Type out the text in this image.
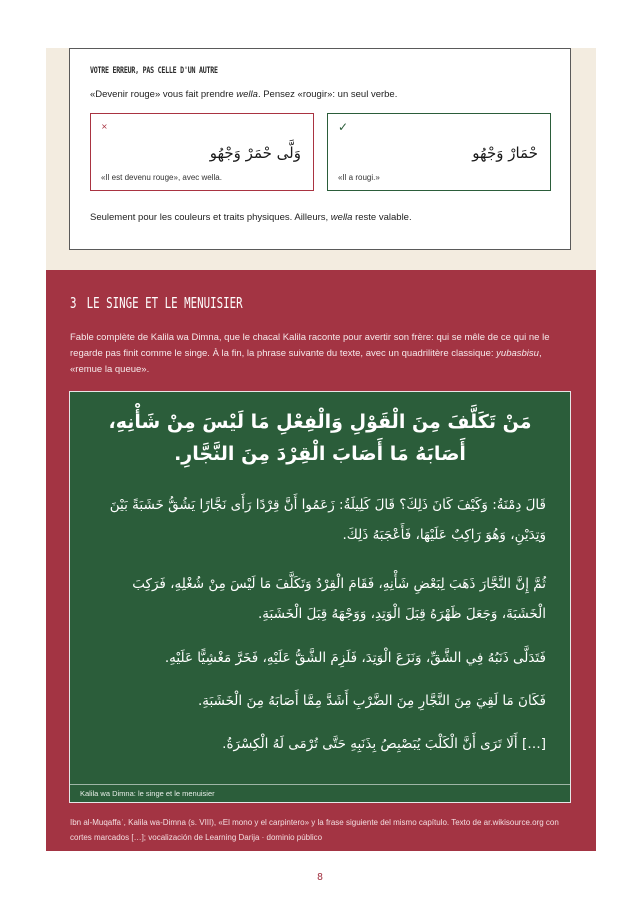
VOTRE ERREUR, PAS CELLE D'UN AUTRE
«Devenir rouge» vous fait prendre wella. Pensez «rougir»: un seul verbe.
×
وَلَّى حْمَرْ وَجْهُو
«Il est devenu rouge», avec wella.
✓
حْمَارْ وَجْهُو
«Il a rougi.»
Seulement pour les couleurs et traits physiques. Ailleurs, wella reste valable.
3 LE SINGE ET LE MENUISIER
Fable complète de Kalila wa Dimna, que le chacal Kalila raconte pour avertir son frère: qui se mêle de ce qui ne le regarde pas finit comme le singe. À la fin, la phrase suivante du texte, avec un quadrilitère classique: yubasbisu, «remue la queue».
مَنْ تَكَلَّفَ مِنَ الْقَوْلِ وَالْفِعْلِ مَا لَيْسَ مِنْ شَأْنِهِ، أَصَابَهُ مَا أَصَابَ الْقِرْدَ مِنَ النَّجَّارِ.
قَالَ دِمْنَةُ: وَكَيْفَ كَانَ ذَلِكَ؟ قَالَ كَلِيلَةُ: زَعَمُوا أَنَّ قِرْدًا رَأَى نَجَّارًا يَشُقُّ خَشَبَةً بَيْنَ وَتِدَيْنِ، وَهُوَ رَاكِبٌ عَلَيْهَا، فَأَعْجَبَهُ ذَلِكَ.
ثُمَّ إِنَّ النَّجَّارَ ذَهَبَ لِبَعْضِ شَأْنِهِ، فَقَامَ الْقِرْدُ وَتَكَلَّفَ مَا لَيْسَ مِنْ شُغْلِهِ، فَرَكِبَ الْخَشَبَةَ، وَجَعَلَ ظَهْرَهُ قِبَلَ الْوَتِدِ، وَوَجْهَهُ قِبَلَ الْخَشَبَةِ.
فَتَدَلَّى ذَنَبُهُ فِي الشَّقِّ، وَنَزَعَ الْوَتِدَ، فَلَزِمَ الشَّقُّ عَلَيْهِ، فَخَرَّ مَغْشِيًّا عَلَيْهِ.
فَكَانَ مَا لَقِيَ مِنَ النَّجَّارِ مِنَ الضَّرْبِ أَشَدَّ مِمَّا أَصَابَهُ مِنَ الْخَشَبَةِ.
[…] أَلَا تَرَى أَنَّ الْكَلْبَ يُبَصْبِصُ بِذَنَبِهِ حَتَّى تُرْمَى لَهُ الْكِسْرَةُ.
Kalila wa Dimna: le singe et le menuisier
Ibn al-Muqaffaʿ, Kalila wa-Dimna (s. VIII), «El mono y el carpintero» y la frase siguiente del mismo capítulo. Texto de ar.wikisource.org con cortes marcados […]; vocalización de Learning Darija · dominio público
8
